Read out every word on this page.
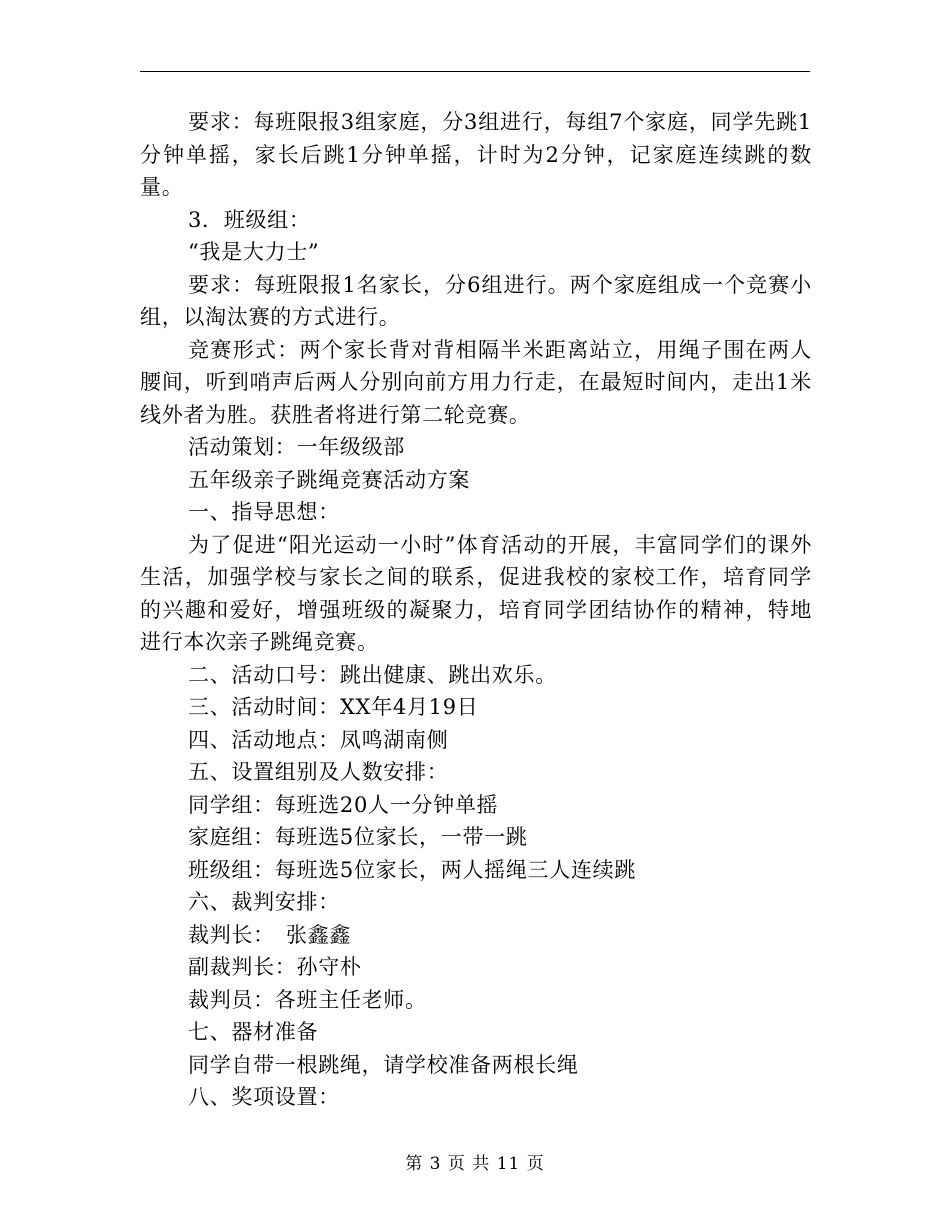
要求：每班限报3组家庭，分3组进行，每组7个家庭，同学先跳1分钟单摇，家长后跳1分钟单摇，计时为2分钟，记家庭连续跳的数量。

3．班级组：

“我是大力士”

要求：每班限报1名家长，分6组进行。两个家庭组成一个竞赛小组，以淘汰赛的方式进行。

竞赛形式：两个家长背对背相隔半米距离站立，用绳子围在两人腰间，听到哨声后两人分别向前方用力行走，在最短时间内，走出1米线外者为胜。获胜者将进行第二轮竞赛。

活动策划：一年级级部

五年级亲子跳绳竞赛活动方案

一、指导思想：

为了促进“阳光运动一小时”体育活动的开展，丰富同学们的课外生活，加强学校与家长之间的联系，促进我校的家校工作，培育同学的兴趣和爱好，增强班级的凝聚力，培育同学团结协作的精神，特地进行本次亲子跳绳竞赛。

二、活动口号：跳出健康、跳出欢乐。

三、活动时间：XX年4月19日

四、活动地点：凤鸣湖南侧

五、设置组别及人数安排：

同学组：每班选20人一分钟单摇

家庭组：每班选5位家长，一带一跳

班级组：每班选5位家长，两人摇绳三人连续跳

六、裁判安排：

裁判长：　张鑫鑫

副裁判长：孙守朴

裁判员：各班主任老师。

七、器材准备

同学自带一根跳绳，请学校准备两根长绳

八、奖项设置：

第 3 页 共 11 页
